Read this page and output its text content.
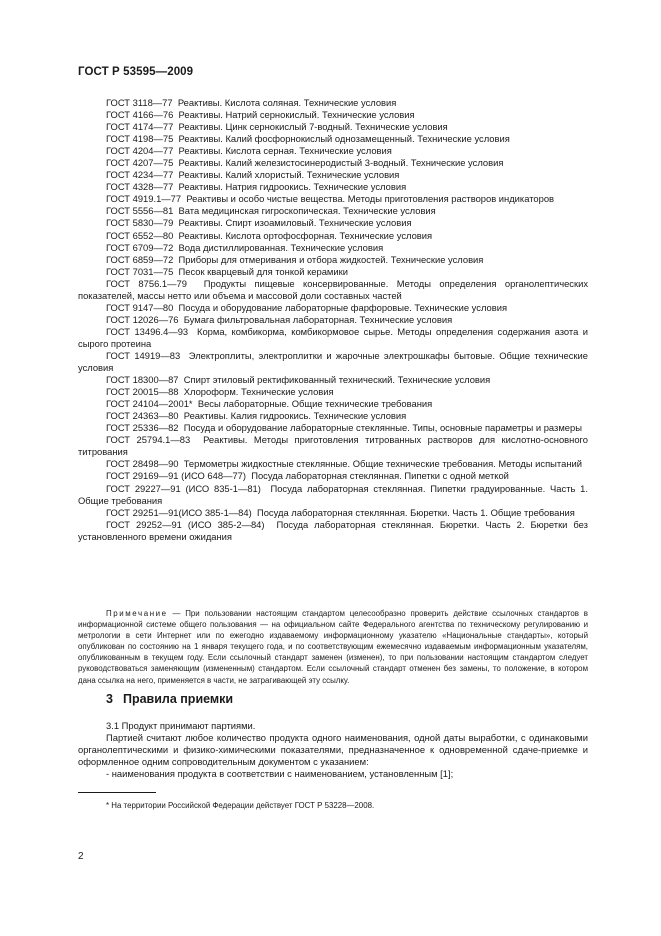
ГОСТ Р 53595—2009
ГОСТ 3118—77 Реактивы. Кислота соляная. Технические условия
ГОСТ 4166—76 Реактивы. Натрий сернокислый. Технические условия
ГОСТ 4174—77 Реактивы. Цинк сернокислый 7-водный. Технические условия
ГОСТ 4198—75 Реактивы. Калий фосфорнокислый однозамещенный. Технические условия
ГОСТ 4204—77 Реактивы. Кислота серная. Технические условия
ГОСТ 4207—75 Реактивы. Калий железистосинеродистый 3-водный. Технические условия
ГОСТ 4234—77 Реактивы. Калий хлористый. Технические условия
ГОСТ 4328—77 Реактивы. Натрия гидроокись. Технические условия
ГОСТ 4919.1—77 Реактивы и особо чистые вещества. Методы приготовления растворов индикаторов
ГОСТ 5556—81 Вата медицинская гигроскопическая. Технические условия
ГОСТ 5830—79 Реактивы. Спирт изоамиловый. Технические условия
ГОСТ 6552—80 Реактивы. Кислота ортофосфорная. Технические условия
ГОСТ 6709—72 Вода дистиллированная. Технические условия
ГОСТ 6859—72 Приборы для отмеривания и отбора жидкостей. Технические условия
ГОСТ 7031—75 Песок кварцевый для тонкой керамики
ГОСТ 8756.1—79 Продукты пищевые консервированные. Методы определения органолептических показателей, массы нетто или объема и массовой доли составных частей
ГОСТ 9147—80 Посуда и оборудование лабораторные фарфоровые. Технические условия
ГОСТ 12026—76 Бумага фильтровальная лабораторная. Технические условия
ГОСТ 13496.4—93 Корма, комбикорма, комбикормовое сырье. Методы определения содержания азота и сырого протеина
ГОСТ 14919—83 Электроплиты, электроплитки и жарочные электрошкафы бытовые. Общие технические условия
ГОСТ 18300—87 Спирт этиловый ректификованный технический. Технические условия
ГОСТ 20015—88 Хлороформ. Технические условия
ГОСТ 24104—2001* Весы лабораторные. Общие технические требования
ГОСТ 24363—80 Реактивы. Калия гидроокись. Технические условия
ГОСТ 25336—82 Посуда и оборудование лабораторные стеклянные. Типы, основные параметры и размеры
ГОСТ 25794.1—83 Реактивы. Методы приготовления титрованных растворов для кислотно-основного титрования
ГОСТ 28498—90 Термометры жидкостные стеклянные. Общие технические требования. Методы испытаний
ГОСТ 29169—91 (ИСО 648—77) Посуда лабораторная стеклянная. Пипетки с одной меткой
ГОСТ 29227—91 (ИСО 835-1—81) Посуда лабораторная стеклянная. Пипетки градуированные. Часть 1. Общие требования
ГОСТ 29251—91(ИСО 385-1—84) Посуда лабораторная стеклянная. Бюретки. Часть 1. Общие требования
ГОСТ 29252—91 (ИСО 385-2—84) Посуда лабораторная стеклянная. Бюретки. Часть 2. Бюретки без установленного времени ожидания
Примечание — При пользовании настоящим стандартом целесообразно проверить действие ссылочных стандартов в информационной системе общего пользования — на официальном сайте Федерального агентства по техническому регулированию и метрологии в сети Интернет или по ежегодно издаваемому информационному указателю «Национальные стандарты», который опубликован по состоянию на 1 января текущего года, и по соответствующим ежемесячно издаваемым информационным указателям, опубликованным в текущем году. Если ссылочный стандарт заменен (изменен), то при пользовании настоящим стандартом следует руководствоваться заменяющим (измененным) стандартом. Если ссылочный стандарт отменен без замены, то положение, в котором дана ссылка на него, применяется в части, не затрагивающей эту ссылку.
3 Правила приемки

3.1 Продукт принимают партиями.

Партией считают любое количество продукта одного наименования, одной даты выработки, с одинаковыми органолептическими и физико-химическими показателями, предназначенное к одновременной сдаче-приемке и оформленное одним сопроводительным документом с указанием:

- наименования продукта в соответствии с наименованием, установленным [1];

* На территории Российской Федерации действует ГОСТ Р 53228—2008.
2
